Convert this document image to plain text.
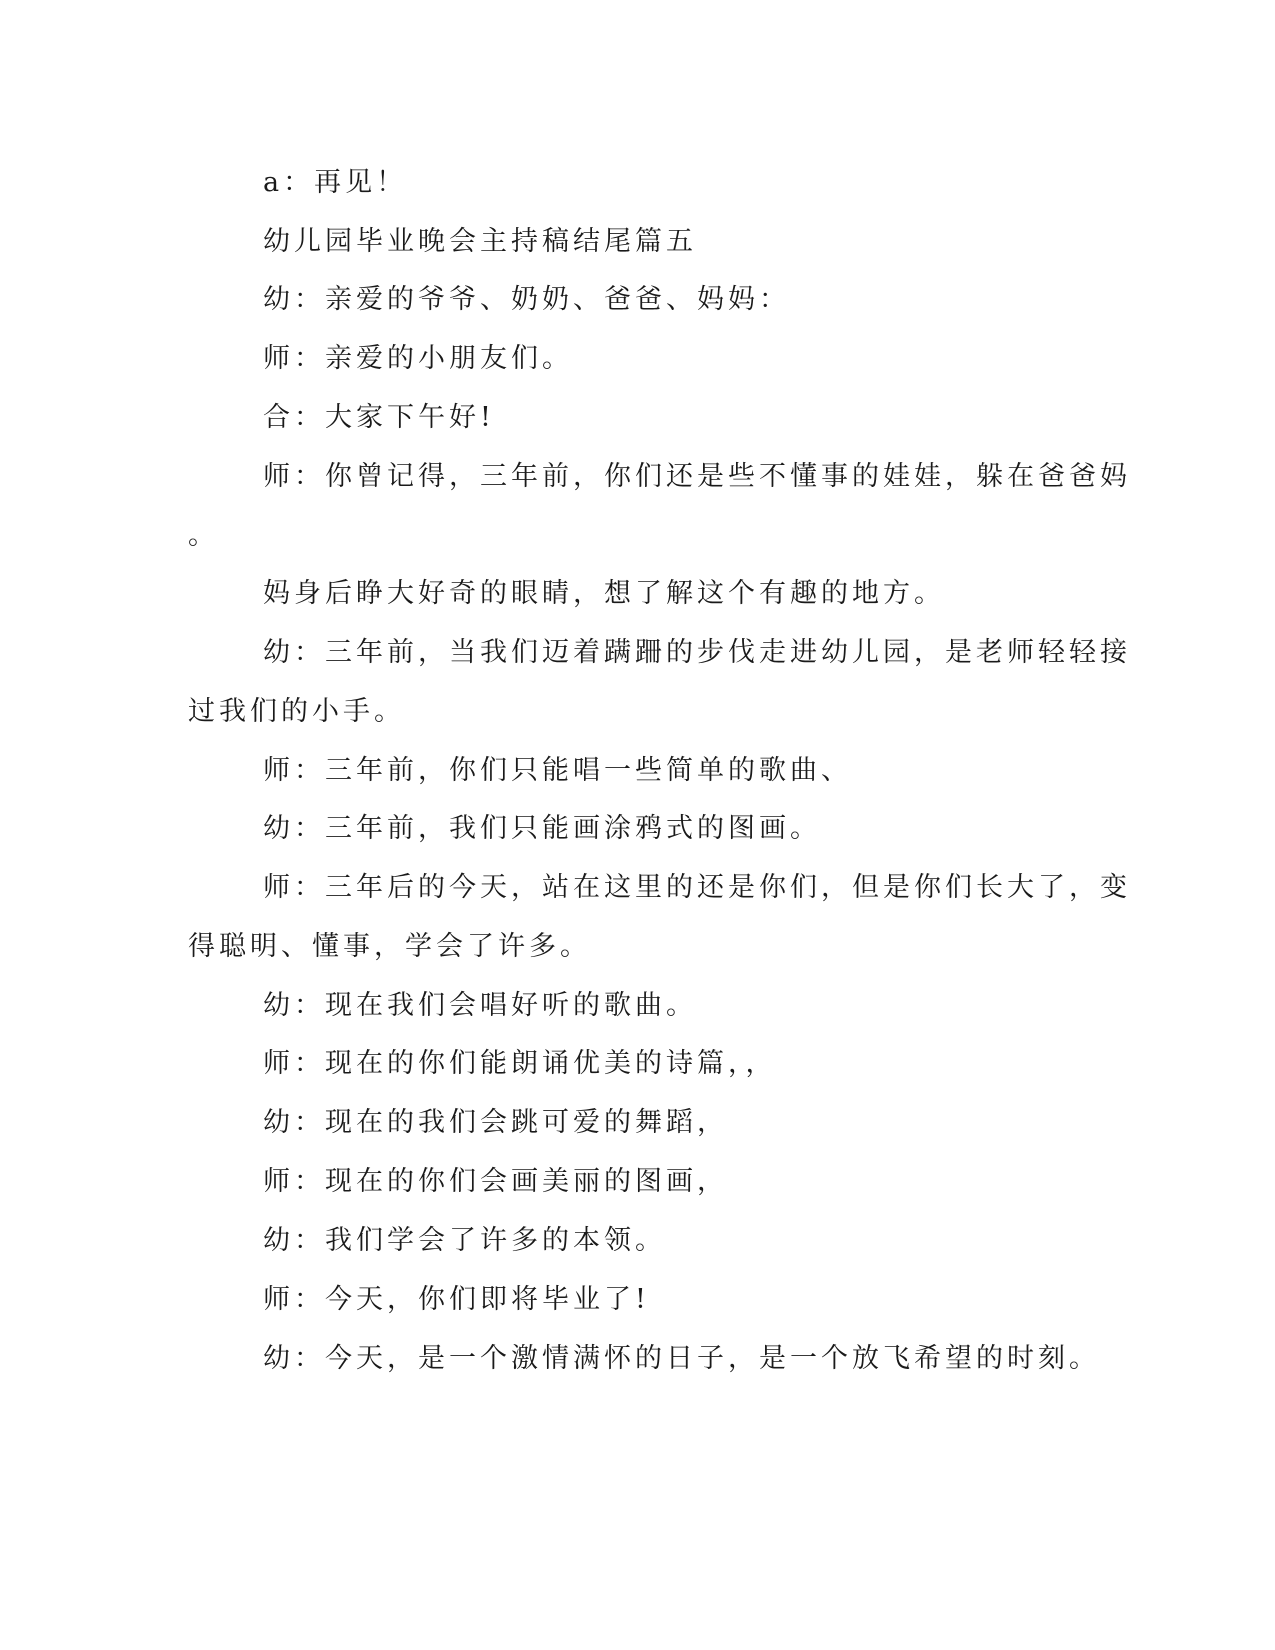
a：再见！
幼儿园毕业晚会主持稿结尾篇五
幼：亲爱的爷爷、奶奶、爸爸、妈妈：
师：亲爱的小朋友们。
合：大家下午好!
师：你曾记得，三年前，你们还是些不懂事的娃娃，躲在爸爸妈
。
妈身后睁大好奇的眼睛，想了解这个有趣的地方。
幼：三年前，当我们迈着蹒跚的步伐走进幼儿园，是老师轻轻接
过我们的小手。
师：三年前，你们只能唱一些简单的歌曲、
幼：三年前，我们只能画涂鸦式的图画。
师：三年后的今天，站在这里的还是你们，但是你们长大了，变
得聪明、懂事，学会了许多。
幼：现在我们会唱好听的歌曲。
师：现在的你们能朗诵优美的诗篇，，
幼：现在的我们会跳可爱的舞蹈，
师：现在的你们会画美丽的图画，
幼：我们学会了许多的本领。
师：今天，你们即将毕业了!
幼：今天，是一个激情满怀的日子，是一个放飞希望的时刻。
